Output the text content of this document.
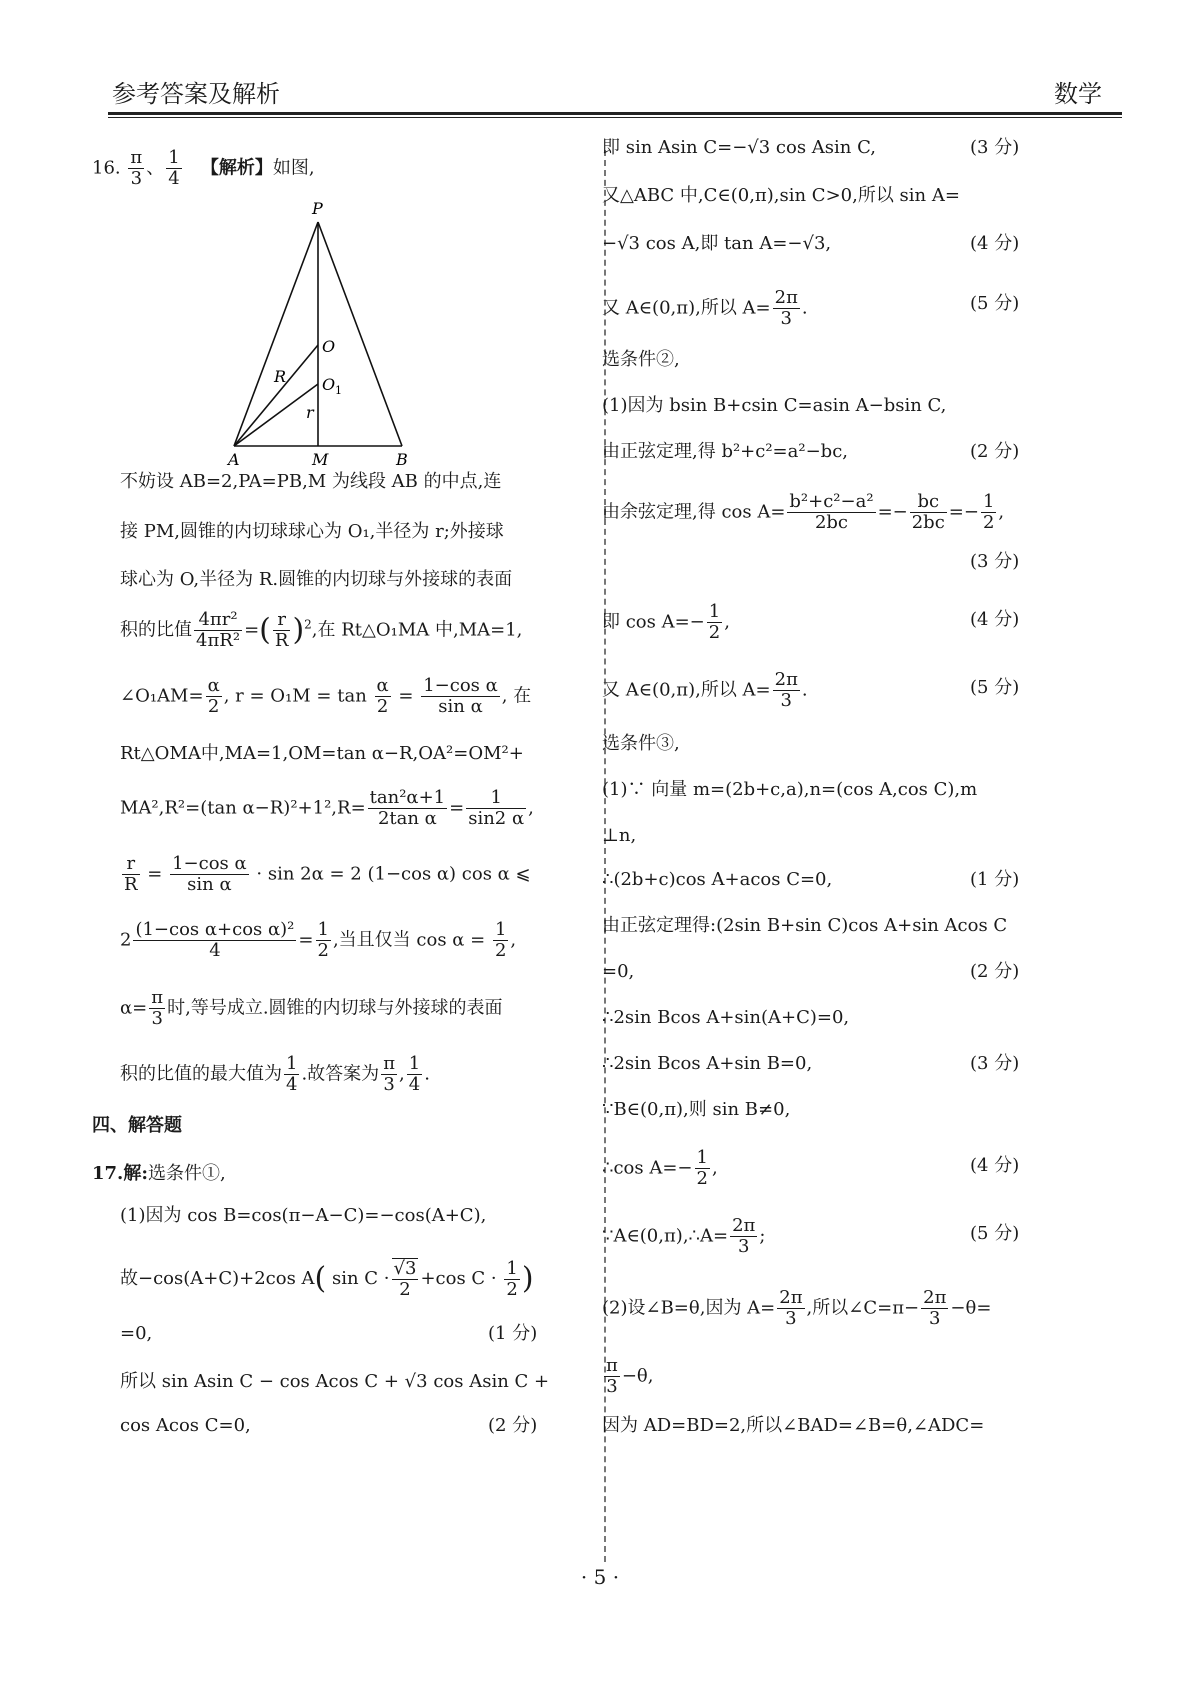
参考答案及解析	数学
16. $\frac{\pi}{3}$ 、 $\frac{1}{4}$ 【解析】如图,
P
O
O 1
R
r
A	M	B
不妨设 AB=2,PA=PB,M 为线段 AB 的中点,连
接 PM,圆锥的内切球球心为 O₁,半径为 r;外接球
球心为 O,半径为 R.圆锥的内切球与外接球的表面
积的比值 $\frac{\text{4πr²}}{\text{4πR²}}$ =( $\frac{r}{R} )^2$,在 Rt△O₁MA 中,MA=1,
∠O₁AM= $\frac{\alpha}{2}$ , $r = O_1M = \tan \frac{\alpha}{2} = \frac{\text{1−cos α}}{\text{sin α}}$ , 在
Rt△OMA中,MA=1,OM=tan α−R,OA²=OM²+
MA²,R²=(tan $\alpha-R)^2+1^2,R= \frac{\text{tan²α+1}}{\text{2tan α}} = \frac{1}{\sin 2 \alpha}$ ,
$\frac{r}{R} = \frac{\text{1−cos α}}{\text{sin α}} \cdot \sin 2\alpha = 2$ (1−cos α) cos α ⩽
$2 \frac{\text{(1−cos α+cos α)²}}{4} = \frac{1}{2}$ ,当且仅当 $\cos \alpha = \frac{1}{2}$ ,
$\alpha= \frac{\pi}{3}$ 时,等号成立.圆锥的内切球与外接球的表面
积的比值的最大值为 $\frac{1}{4}$ .故答案为 $\frac{\pi}{3}$ , $\frac{1}{4}$ .
四、解答题
17.解:选条件①,
(1)因为 cos B=cos(π−A−C)=−cos(A+C),
故−cos(A+C)+2cos A( $\sin C \cdot \frac{√3}{2} +\cos$ $C \cdot \frac{1}{2}$ )
=0,	(1 分)
所以 sin Asin C − cos Acos C + √3 cos Asin C +
cos Acos C=0,	(2 分)
即 sin Asin C=−√3 cos Asin C,	(3 分)
又△ABC 中,C∈(0,π),sin C>0,所以 sin A=
−√3 cos A,即 tan A=−√3,	(4 分)
又 A∈(0,π),所以 $A= \frac{2\pi}{3}$ .	(5 分)
选条件②,
(1)因为 bsin B+csin C=asin A−bsin C,
由正弦定理,得 b²+c²=a²−bc,	(2 分)
由余弦定理,得 $\cos A= \frac{\text{b²+c²−a²}}{2bc} =- \frac{bc}{2bc} =- \frac{1}{2}$ ,
(3 分)
即 $\cos A=- \frac{1}{2}$ ,	(4 分)
又 A∈(0,π),所以 $A= \frac{2\pi}{3}$ .	(5 分)
选条件③,
(1)∵ 向量 m=(2b+c,a),n=(cos A,cos C),m
⊥n,
∴(2b+c)cos A+acos C=0,	(1 分)
由正弦定理得:(2sin B+sin C)cos A+sin Acos C
=0,	(2 分)
∴2sin Bcos A+sin(A+C)=0,
∴2sin Bcos A+sin B=0,	(3 分)
∵B∈(0,π),则 sin B≠0,
∴cos $A=- \frac{1}{2}$ ,	(4 分)
∵A∈(0,π),∴A= $\frac{2\pi}{3}$ ;	(5 分)
(2)设∠B=θ,因为 $A= \frac{2\pi}{3}$ ,所以∠C=π− $\frac{2\pi}{3} -\theta=$
$\frac{\pi}{3} -\theta$,
因为 AD=BD=2,所以∠BAD=∠B=θ,∠ADC=
· 5 ·
